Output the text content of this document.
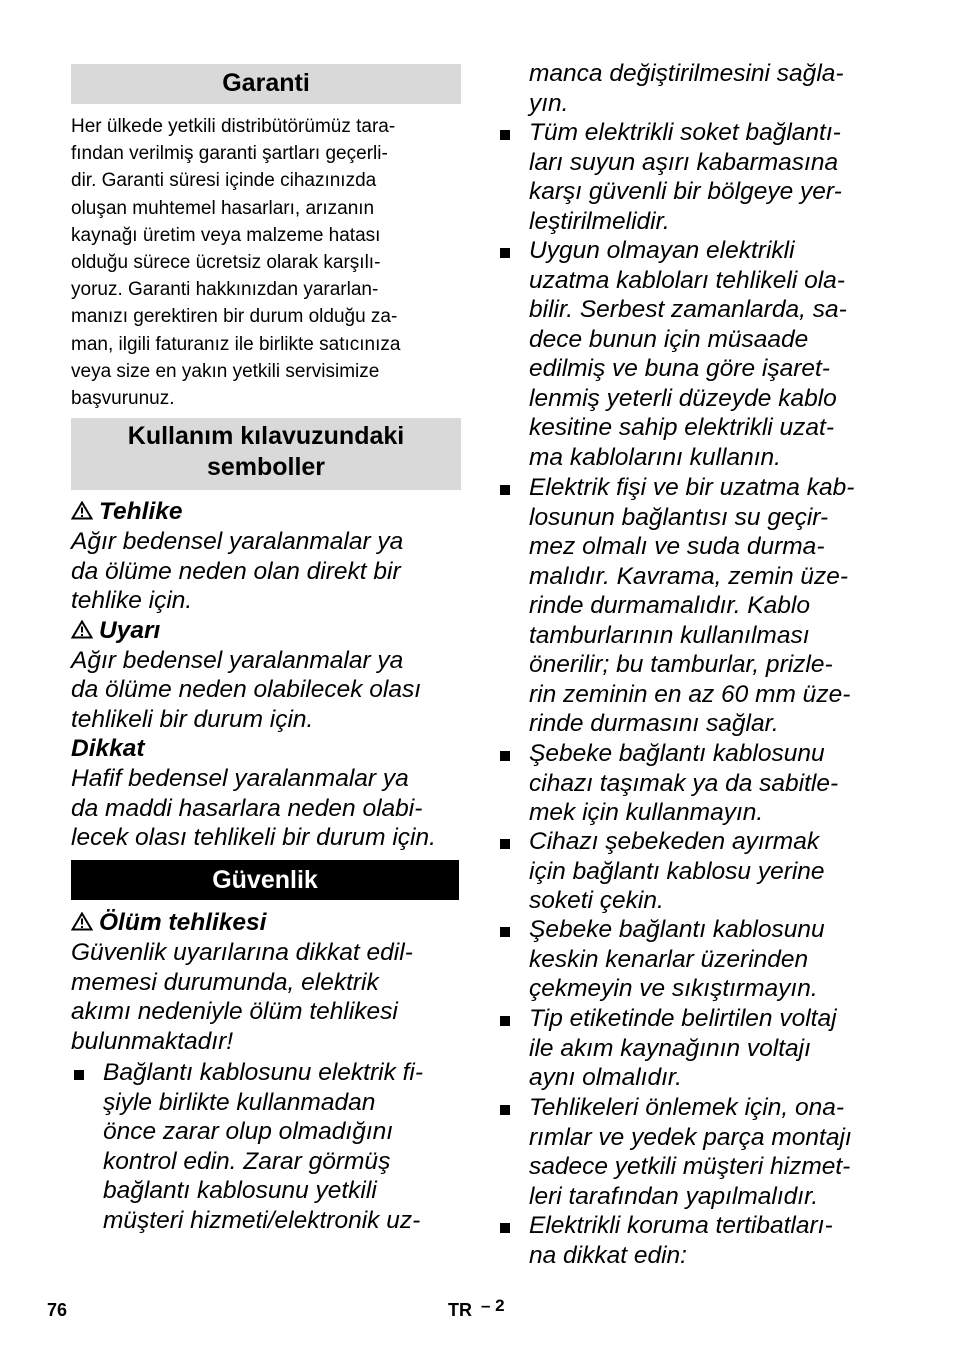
Garanti
Her ülkede yetkili distribütörümüz tara-
fından verilmiş garanti şartları geçerli-
dir. Garanti süresi içinde cihazınızda
oluşan muhtemel hasarları, arızanın
kaynağı üretim veya malzeme hatası
olduğu sürece ücretsiz olarak karşılı-
yoruz. Garanti hakkınızdan yararlan-
manızı gerektiren bir durum olduğu za-
man, ilgili faturanız ile birlikte satıcınıza
veya size en yakın yetkili servisimize
başvurunuz.
Kullanım kılavuzundaki
semboller
Tehlike
Ağır bedensel yaralanmalar ya
da ölüme neden olan direkt bir
tehlike için.
Uyarı
Ağır bedensel yaralanmalar ya
da ölüme neden olabilecek olası
tehlikeli bir durum için.
Dikkat
Hafif bedensel yaralanmalar ya
da maddi hasarlara neden olabi-
lecek olası tehlikeli bir durum için.
Güvenlik
Ölüm tehlikesi
Güvenlik uyarılarına dikkat edil-
memesi durumunda, elektrik
akımı nedeniyle ölüm tehlikesi
bulunmaktadır!
Bağlantı kablosunu elektrik fi-
şiyle birlikte kullanmadan
önce zarar olup olmadığını
kontrol edin. Zarar görmüş
bağlantı kablosunu yetkili
müşteri hizmeti/elektronik uz-
manca değiştirilmesini sağla-
yın.
Tüm elektrikli soket bağlantı-
ları suyun aşırı kabarmasına
karşı güvenli bir bölgeye yer-
leştirilmelidir.
Uygun olmayan elektrikli
uzatma kabloları tehlikeli ola-
bilir. Serbest zamanlarda, sa-
dece bunun için müsaade
edilmiş ve buna göre işaret-
lenmiş yeterli düzeyde kablo
kesitine sahip elektrikli uzat-
ma kablolarını kullanın.
Elektrik fişi ve bir uzatma kab-
losunun bağlantısı su geçir-
mez olmalı ve suda durma-
malıdır. Kavrama, zemin üze-
rinde durmamalıdır. Kablo
tamburlarının kullanılması
önerilir; bu tamburlar, prizle-
rin zeminin en az 60 mm üze-
rinde durmasını sağlar.
Şebeke bağlantı kablosunu
cihazı taşımak ya da sabitle-
mek için kullanmayın.
Cihazı şebekeden ayırmak
için bağlantı kablosu yerine
soketi çekin.
Şebeke bağlantı kablosunu
keskin kenarlar üzerinden
çekmeyin ve sıkıştırmayın.
Tip etiketinde belirtilen voltaj
ile akım kaynağının voltajı
aynı olmalıdır.
Tehlikeleri önlemek için, ona-
rımlar ve yedek parça montajı
sadece yetkili müşteri hizmet-
leri tarafından yapılmalıdır.
Elektrikli koruma tertibatları-
na dikkat edin:
76	TR – 2
